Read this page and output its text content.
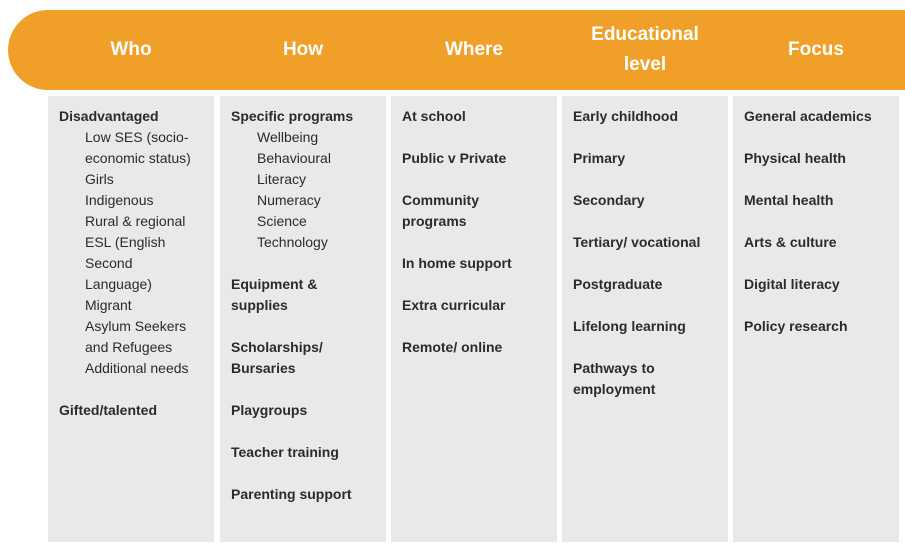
Who	How	Where
Educational
level
Focus
Disadvantaged
Low SES (socio-
economic status)
Girls
Indigenous
Rural & regional
ESL (English
Second
Language)
Migrant
Asylum Seekers
and Refugees
Additional needs
Gifted/talented
Specific programs
Wellbeing
Behavioural
Literacy
Numeracy
Science
Technology
Equipment &
supplies
Scholarships/
Bursaries
Playgroups
Teacher training
Parenting support
At school
Public v Private
Community
programs
In home support
Extra curricular
Remote/ online
Early childhood
Primary
Secondary
Tertiary/ vocational
Postgraduate
Lifelong learning
Pathways to
employment
General academics
Physical health
Mental health
Arts & culture
Digital literacy
Policy research
